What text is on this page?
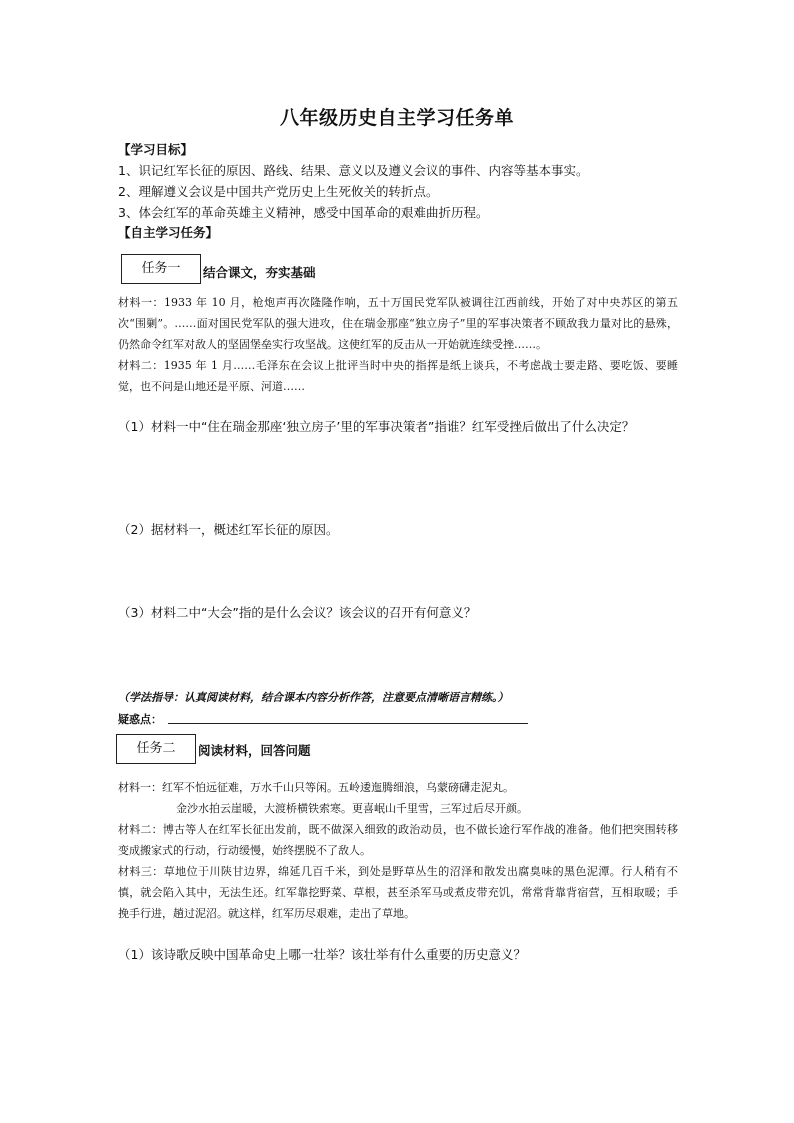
八年级历史自主学习任务单
【学习目标】
1、识记红军长征的原因、路线、结果、意义以及遵义会议的事件、内容等基本事实。
2、理解遵义会议是中国共产党历史上生死攸关的转折点。
3、体会红军的革命英雄主义精神，感受中国革命的艰难曲折历程。
【自主学习任务】
任务一	结合课文，夯实基础

材料一：1933 年 10 月，枪炮声再次隆隆作响，五十万国民党军队被调往江西前线，开始了对中央苏区的第五次“围剿”。……面对国民党军队的强大进攻，住在瑞金那座“独立房子”里的军事决策者不顾敌我力量对比的悬殊，仍然命令红军对敌人的坚固堡垒实行攻坚战。这使红军的反击从一开始就连续受挫……。

材料二：1935 年 1 月……毛泽东在会议上批评当时中央的指挥是纸上谈兵，不考虑战士要走路、要吃饭、要睡觉，也不问是山地还是平原、河道……

（1）材料一中“住在瑞金那座‘独立房子’里的军事决策者”指谁？红军受挫后做出了什么决定？
（2）据材料一，概述红军长征的原因。
（3）材料二中“大会”指的是什么会议？该会议的召开有何意义？
（学法指导：认真阅读材料，结合课本内容分析作答，注意要点清晰语言精练。）
疑惑点：
任务二	阅读材料，回答问题

材料一：红军不怕远征难，万水千山只等闲。五岭逶迤腾细浪，乌蒙磅礴走泥丸。

金沙水拍云崖暖，大渡桥横铁索寒。更喜岷山千里雪，三军过后尽开颜。

材料二：博古等人在红军长征出发前，既不做深入细致的政治动员，也不做长途行军作战的准备。他们把突围转移变成搬家式的行动，行动缓慢，始终摆脱不了敌人。

材料三：草地位于川陕甘边界，绵延几百千米，到处是野草丛生的沼泽和散发出腐臭味的黑色泥潭。行人稍有不慎，就会陷入其中，无法生还。红军靠挖野菜、草根，甚至杀军马或煮皮带充饥，常常背靠背宿营，互相取暖；手挽手行进，趟过泥沼。就这样，红军历尽艰难，走出了草地。

（1）该诗歌反映中国革命史上哪一壮举？该壮举有什么重要的历史意义？
